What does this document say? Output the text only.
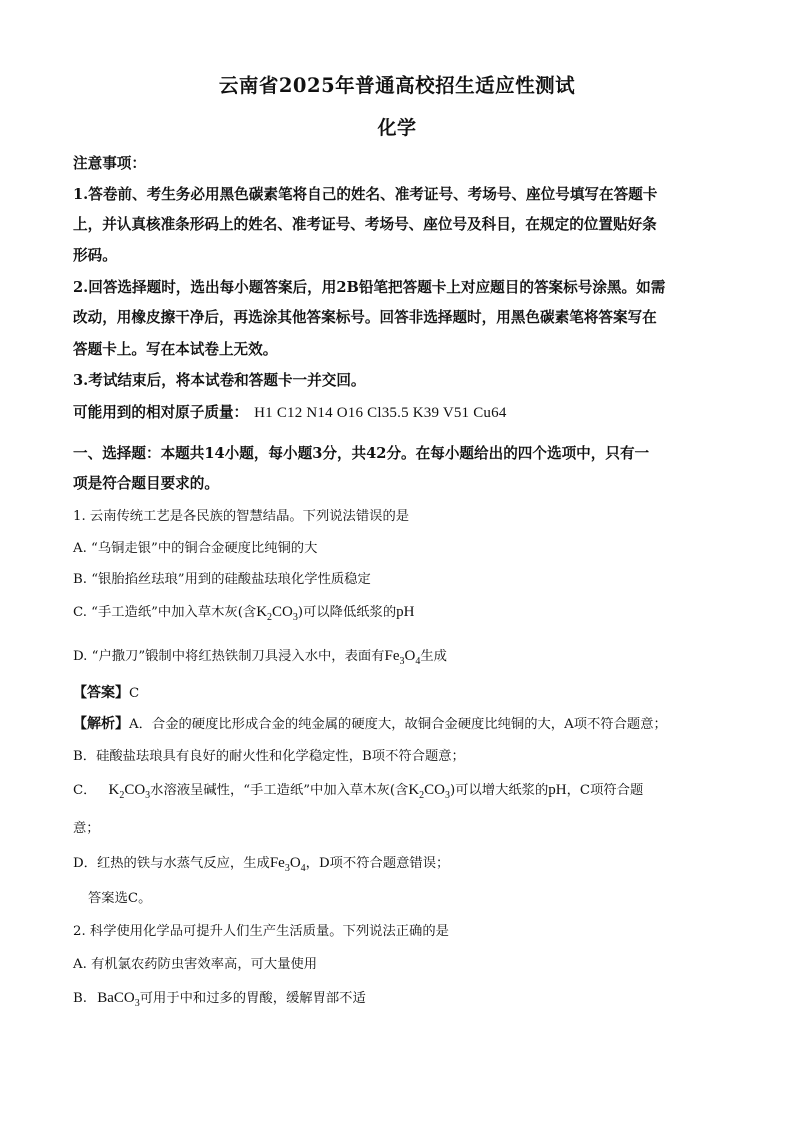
云南省2025年普通高校招生适应性测试
化学
注意事项：
1.答卷前、考生务必用黑色碳素笔将自己的姓名、准考证号、考场号、座位号填写在答题卡
上，并认真核准条形码上的姓名、准考证号、考场号、座位号及科目，在规定的位置贴好条
形码。
2.回答选择题时，选出每小题答案后，用2B铅笔把答题卡上对应题目的答案标号涂黑。如需
改动，用橡皮擦干净后，再选涂其他答案标号。回答非选择题时，用黑色碳素笔将答案写在
答题卡上。写在本试卷上无效。
3.考试结束后，将本试卷和答题卡一并交回。
可能用到的相对原子质量： H1 C12 N14 O16 Cl35.5 K39 V51 Cu64
一、选择题：本题共14小题，每小题3分，共42分。在每小题给出的四个选项中，只有一
项是符合题目要求的。
1. 云南传统工艺是各民族的智慧结晶。下列说法错误的是
A. “乌铜走银”中的铜合金硬度比纯铜的大
B. “银胎掐丝珐琅”用到的硅酸盐珐琅化学性质稳定
C. “手工造纸”中加入草木灰(含$K_2CO_3$)可以降低纸浆的pH
D. “户撒刀”锻制中将红热铁制刀具浸入水中，表面有$Fe_3O_4$生成
【答案】C
【解析】A．合金的硬度比形成合金的纯金属的硬度大，故铜合金硬度比纯铜的大，A项不符合题意；
B．硅酸盐珐琅具有良好的耐火性和化学稳定性，B项不符合题意；
C． $K_2CO_3$水溶液呈碱性，“手工造纸”中加入草木灰(含$K_2CO_3$)可以增大纸浆的pH，C项符合题
意；
D．红热的铁与水蒸气反应，生成$Fe_3O_4$，D项不符合题意错误；
答案选C。
2. 科学使用化学品可提升人们生产生活质量。下列说法正确的是
A. 有机氯农药防虫害效率高，可大量使用
B. BaCO$_3$可用于中和过多的胃酸，缓解胃部不适
